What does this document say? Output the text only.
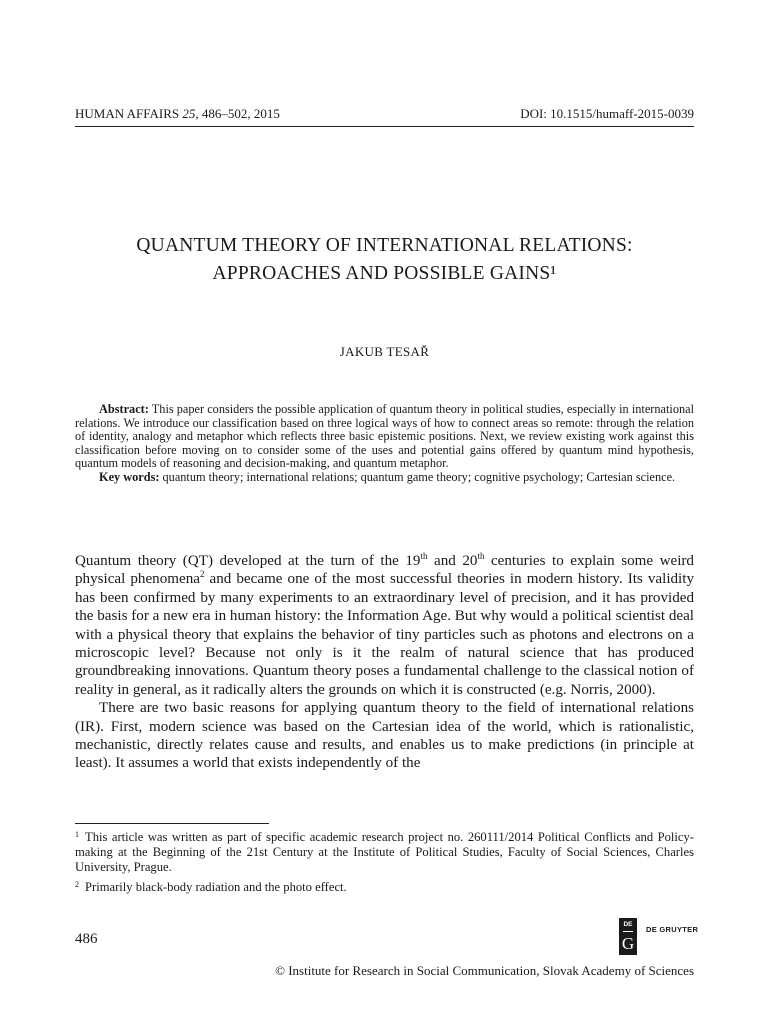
HUMAN AFFAIRS 25, 486–502, 2015	DOI: 10.1515/humaff-2015-0039
QUANTUM THEORY OF INTERNATIONAL RELATIONS:
APPROACHES AND POSSIBLE GAINS¹
JAKUB TESAŘ

Abstract: This paper considers the possible application of quantum theory in political studies, especially in international relations. We introduce our classification based on three logical ways of how to connect areas so remote: through the relation of identity, analogy and metaphor which reflects three basic epistemic positions. Next, we review existing work against this classification before moving on to consider some of the uses and potential gains offered by quantum mind hypothesis, quantum models of reasoning and decision-making, and quantum metaphor.

Key words: quantum theory; international relations; quantum game theory; cognitive psychology; Cartesian science.

Quantum theory (QT) developed at the turn of the 19th and 20th centuries to explain some weird physical phenomena$^2$ and became one of the most successful theories in modern history. Its validity has been confirmed by many experiments to an extraordinary level of precision, and it has provided the basis for a new era in human history: the Information Age. But why would a political scientist deal with a physical theory that explains the behavior of tiny particles such as photons and electrons on a microscopic level? Because not only is it the realm of natural science that has produced groundbreaking innovations. Quantum theory poses a fundamental challenge to the classical notion of reality in general, as it radically alters the grounds on which it is constructed (e.g. Norris, 2000).

There are two basic reasons for applying quantum theory to the field of international relations (IR). First, modern science was based on the Cartesian idea of the world, which is rationalistic, mechanistic, directly relates cause and results, and enables us to make predictions (in principle at least). It assumes a world that exists independently of the

$^1$ This article was written as part of specific academic research project no. 260111/2014 Political Conflicts and Policy-making at the Beginning of the 21st Century at the Institute of Political Studies, Faculty of Social Sciences, Charles University, Prague.

$^2$ Primarily black-body radiation and the photo effect.

486
DE
G
DE GRUYTER
© Institute for Research in Social Communication, Slovak Academy of Sciences
